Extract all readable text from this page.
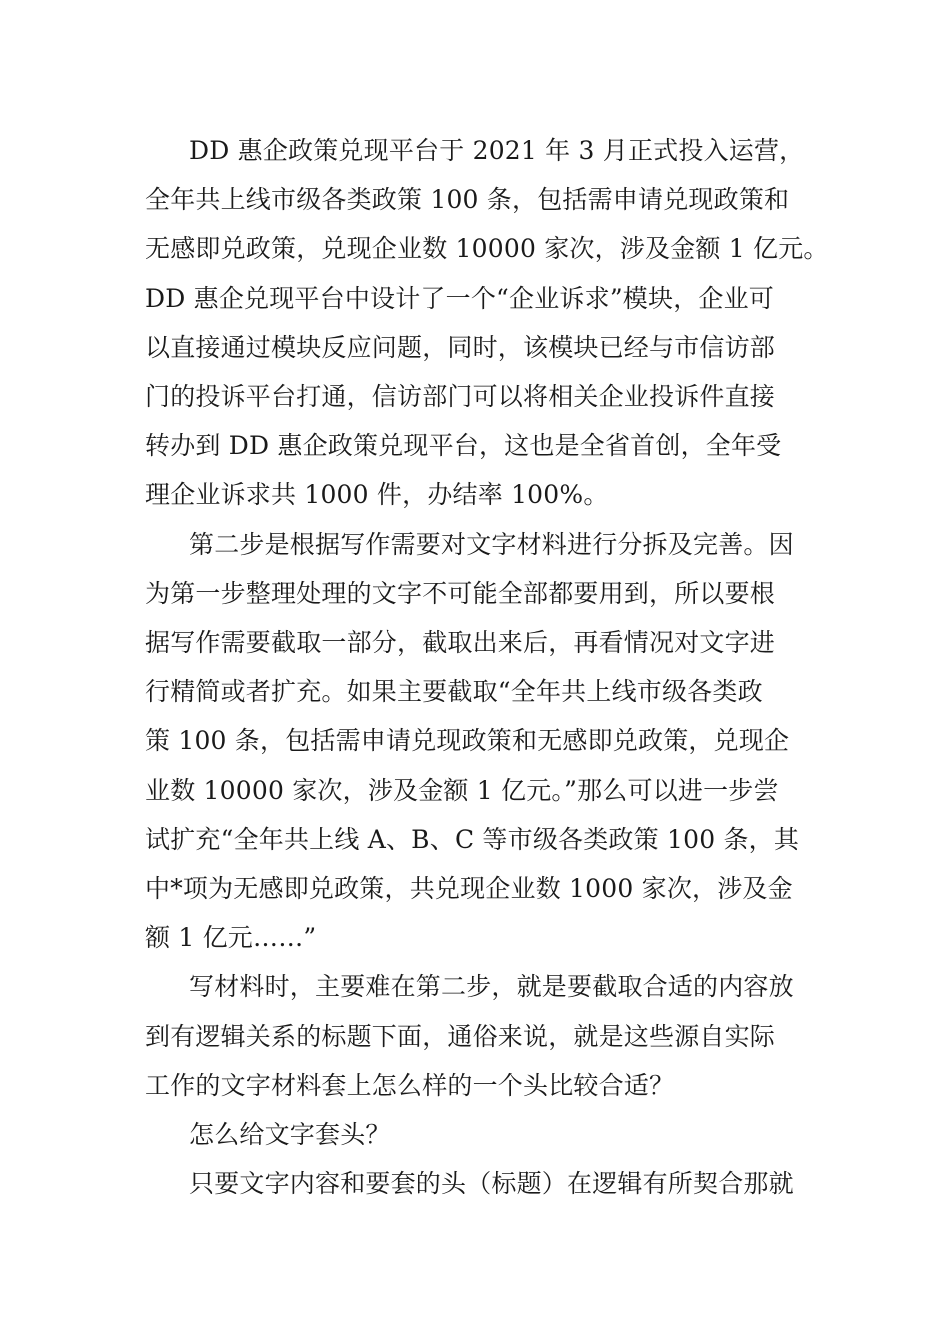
DD 惠企政策兑现平台于 2021 年 3 月正式投入运营，
全年共上线市级各类政策 100 条，包括需申请兑现政策和
无感即兑政策，兑现企业数 10000 家次，涉及金额 1 亿元。
DD 惠企兑现平台中设计了一个“企业诉求”模块，企业可
以直接通过模块反应问题，同时，该模块已经与市信访部
门的投诉平台打通，信访部门可以将相关企业投诉件直接
转办到 DD 惠企政策兑现平台，这也是全省首创，全年受
理企业诉求共 1000 件，办结率 100%。

第二步是根据写作需要对文字材料进行分拆及完善。因
为第一步整理处理的文字不可能全部都要用到，所以要根
据写作需要截取一部分，截取出来后，再看情况对文字进
行精简或者扩充。如果主要截取“全年共上线市级各类政
策 100 条，包括需申请兑现政策和无感即兑政策，兑现企
业数 10000 家次，涉及金额 1 亿元。”那么可以进一步尝
试扩充“全年共上线 A、B、C 等市级各类政策 100 条，其
中*项为无感即兑政策，共兑现企业数 1000 家次，涉及金
额 1 亿元……”

写材料时，主要难在第二步，就是要截取合适的内容放
到有逻辑关系的标题下面，通俗来说，就是这些源自实际
工作的文字材料套上怎么样的一个头比较合适？

怎么给文字套头？

只要文字内容和要套的头（标题）在逻辑有所契合那就
